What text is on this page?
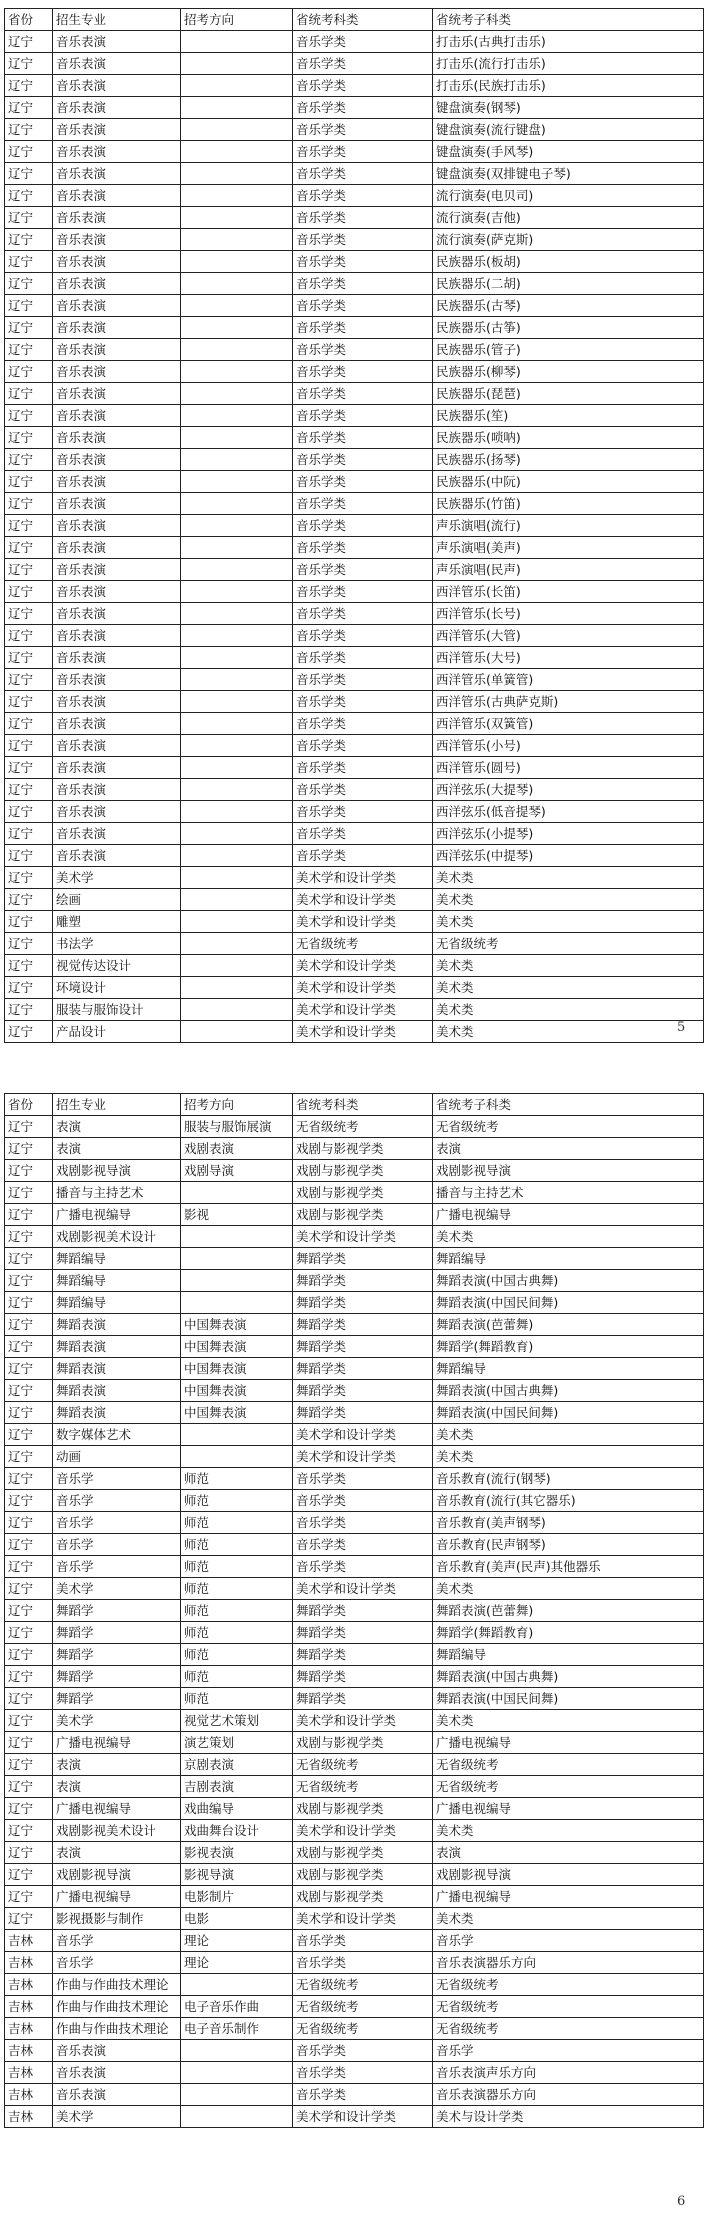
省份	招生专业	招考方向	省统考科类	省统考子科类
辽宁	音乐表演		音乐学类	打击乐(古典打击乐)
辽宁	音乐表演		音乐学类	打击乐(流行打击乐)
辽宁	音乐表演		音乐学类	打击乐(民族打击乐)
辽宁	音乐表演		音乐学类	键盘演奏(钢琴)
辽宁	音乐表演		音乐学类	键盘演奏(流行键盘)
辽宁	音乐表演		音乐学类	键盘演奏(手风琴)
辽宁	音乐表演		音乐学类	键盘演奏(双排键电子琴)
辽宁	音乐表演		音乐学类	流行演奏(电贝司)
辽宁	音乐表演		音乐学类	流行演奏(吉他)
辽宁	音乐表演		音乐学类	流行演奏(萨克斯)
辽宁	音乐表演		音乐学类	民族器乐(板胡)
辽宁	音乐表演		音乐学类	民族器乐(二胡)
辽宁	音乐表演		音乐学类	民族器乐(古琴)
辽宁	音乐表演		音乐学类	民族器乐(古筝)
辽宁	音乐表演		音乐学类	民族器乐(管子)
辽宁	音乐表演		音乐学类	民族器乐(柳琴)
辽宁	音乐表演		音乐学类	民族器乐(琵琶)
辽宁	音乐表演		音乐学类	民族器乐(笙)
辽宁	音乐表演		音乐学类	民族器乐(唢呐)
辽宁	音乐表演		音乐学类	民族器乐(扬琴)
辽宁	音乐表演		音乐学类	民族器乐(中阮)
辽宁	音乐表演		音乐学类	民族器乐(竹笛)
辽宁	音乐表演		音乐学类	声乐演唱(流行)
辽宁	音乐表演		音乐学类	声乐演唱(美声)
辽宁	音乐表演		音乐学类	声乐演唱(民声)
辽宁	音乐表演		音乐学类	西洋管乐(长笛)
辽宁	音乐表演		音乐学类	西洋管乐(长号)
辽宁	音乐表演		音乐学类	西洋管乐(大管)
辽宁	音乐表演		音乐学类	西洋管乐(大号)
辽宁	音乐表演		音乐学类	西洋管乐(单簧管)
辽宁	音乐表演		音乐学类	西洋管乐(古典萨克斯)
辽宁	音乐表演		音乐学类	西洋管乐(双簧管)
辽宁	音乐表演		音乐学类	西洋管乐(小号)
辽宁	音乐表演		音乐学类	西洋管乐(圆号)
辽宁	音乐表演		音乐学类	西洋弦乐(大提琴)
辽宁	音乐表演		音乐学类	西洋弦乐(低音提琴)
辽宁	音乐表演		音乐学类	西洋弦乐(小提琴)
辽宁	音乐表演		音乐学类	西洋弦乐(中提琴)
辽宁	美术学		美术学和设计学类	美术类
辽宁	绘画		美术学和设计学类	美术类
辽宁	雕塑		美术学和设计学类	美术类
辽宁	书法学		无省级统考	无省级统考
辽宁	视觉传达设计		美术学和设计学类	美术类
辽宁	环境设计		美术学和设计学类	美术类
辽宁	服装与服饰设计		美术学和设计学类	美术类
辽宁	产品设计		美术学和设计学类	美术类	5
省份	招生专业	招考方向	省统考科类	省统考子科类
辽宁	表演	服装与服饰展演	无省级统考	无省级统考
辽宁	表演	戏剧表演	戏剧与影视学类	表演
辽宁	戏剧影视导演	戏剧导演	戏剧与影视学类	戏剧影视导演
辽宁	播音与主持艺术		戏剧与影视学类	播音与主持艺术
辽宁	广播电视编导	影视	戏剧与影视学类	广播电视编导
辽宁	戏剧影视美术设计		美术学和设计学类	美术类
辽宁	舞蹈编导		舞蹈学类	舞蹈编导
辽宁	舞蹈编导		舞蹈学类	舞蹈表演(中国古典舞)
辽宁	舞蹈编导		舞蹈学类	舞蹈表演(中国民间舞)
辽宁	舞蹈表演	中国舞表演	舞蹈学类	舞蹈表演(芭蕾舞)
辽宁	舞蹈表演	中国舞表演	舞蹈学类	舞蹈学(舞蹈教育)
辽宁	舞蹈表演	中国舞表演	舞蹈学类	舞蹈编导
辽宁	舞蹈表演	中国舞表演	舞蹈学类	舞蹈表演(中国古典舞)
辽宁	舞蹈表演	中国舞表演	舞蹈学类	舞蹈表演(中国民间舞)
辽宁	数字媒体艺术		美术学和设计学类	美术类
辽宁	动画		美术学和设计学类	美术类
辽宁	音乐学	师范	音乐学类	音乐教育(流行(钢琴)
辽宁	音乐学	师范	音乐学类	音乐教育(流行(其它器乐)
辽宁	音乐学	师范	音乐学类	音乐教育(美声钢琴)
辽宁	音乐学	师范	音乐学类	音乐教育(民声钢琴)
辽宁	音乐学	师范	音乐学类	音乐教育(美声(民声)其他器乐
辽宁	美术学	师范	美术学和设计学类	美术类
辽宁	舞蹈学	师范	舞蹈学类	舞蹈表演(芭蕾舞)
辽宁	舞蹈学	师范	舞蹈学类	舞蹈学(舞蹈教育)
辽宁	舞蹈学	师范	舞蹈学类	舞蹈编导
辽宁	舞蹈学	师范	舞蹈学类	舞蹈表演(中国古典舞)
辽宁	舞蹈学	师范	舞蹈学类	舞蹈表演(中国民间舞)
辽宁	美术学	视觉艺术策划	美术学和设计学类	美术类
辽宁	广播电视编导	演艺策划	戏剧与影视学类	广播电视编导
辽宁	表演	京剧表演	无省级统考	无省级统考
辽宁	表演	吉剧表演	无省级统考	无省级统考
辽宁	广播电视编导	戏曲编导	戏剧与影视学类	广播电视编导
辽宁	戏剧影视美术设计	戏曲舞台设计	美术学和设计学类	美术类
辽宁	表演	影视表演	戏剧与影视学类	表演
辽宁	戏剧影视导演	影视导演	戏剧与影视学类	戏剧影视导演
辽宁	广播电视编导	电影制片	戏剧与影视学类	广播电视编导
辽宁	影视摄影与制作	电影	美术学和设计学类	美术类
吉林	音乐学	理论	音乐学类	音乐学
吉林	音乐学	理论	音乐学类	音乐表演器乐方向
吉林	作曲与作曲技术理论		无省级统考	无省级统考
吉林	作曲与作曲技术理论	电子音乐作曲	无省级统考	无省级统考
吉林	作曲与作曲技术理论	电子音乐制作	无省级统考	无省级统考
吉林	音乐表演		音乐学类	音乐学
吉林	音乐表演		音乐学类	音乐表演声乐方向
吉林	音乐表演		音乐学类	音乐表演器乐方向
吉林	美术学		美术学和设计学类	美术与设计学类
6
